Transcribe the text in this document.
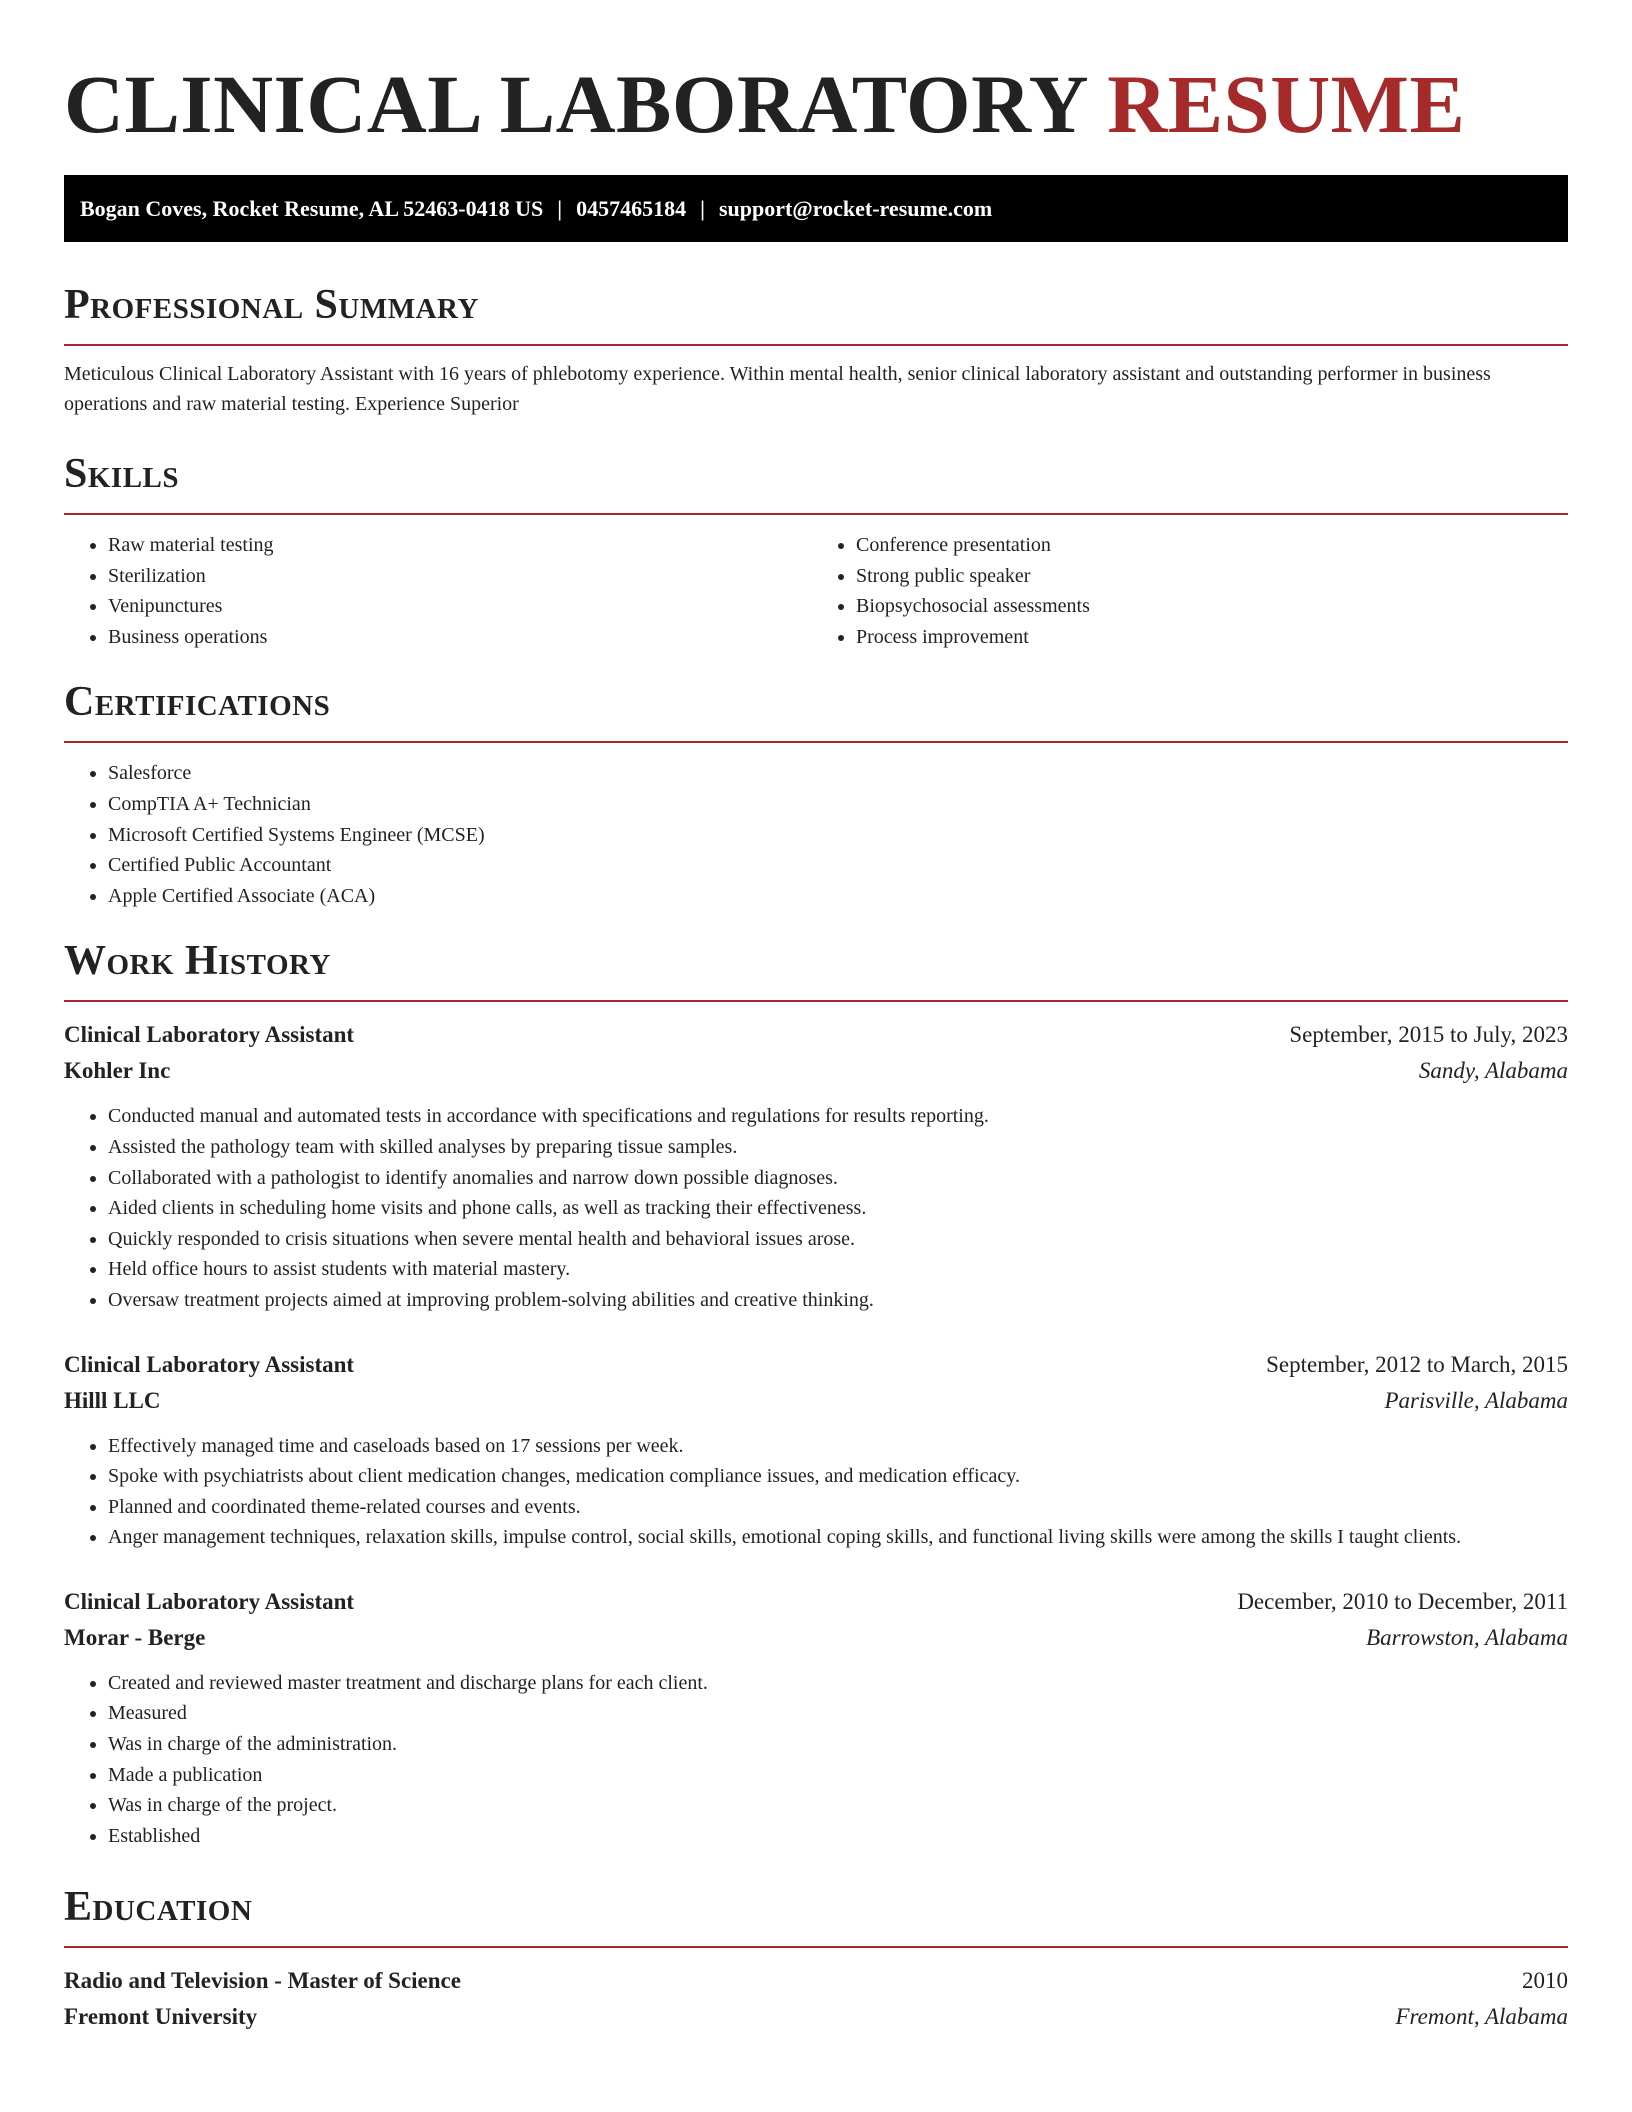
CLINICAL LABORATORY RESUME
Bogan Coves, Rocket Resume, AL 52463-0418 US | 0457465184 | support@rocket-resume.com
Professional Summary

Meticulous Clinical Laboratory Assistant with 16 years of phlebotomy experience. Within mental health, senior clinical laboratory assistant and outstanding performer in business operations and raw material testing. Experience Superior

Skills
• Raw material testing
• Sterilization
• Venipunctures
• Business operations
• Conference presentation
• Strong public speaker
• Biopsychosocial assessments
• Process improvement
Certifications
• Salesforce
• CompTIA A+ Technician
• Microsoft Certified Systems Engineer (MCSE)
• Certified Public Accountant
• Apple Certified Associate (ACA)
Work History
Clinical Laboratory Assistant	September, 2015 to July, 2023
Kohler Inc	Sandy, Alabama
• Conducted manual and automated tests in accordance with specifications and regulations for results reporting.
• Assisted the pathology team with skilled analyses by preparing tissue samples.
• Collaborated with a pathologist to identify anomalies and narrow down possible diagnoses.
• Aided clients in scheduling home visits and phone calls, as well as tracking their effectiveness.
• Quickly responded to crisis situations when severe mental health and behavioral issues arose.
• Held office hours to assist students with material mastery.
• Oversaw treatment projects aimed at improving problem-solving abilities and creative thinking.
Clinical Laboratory Assistant	September, 2012 to March, 2015
Hilll LLC	Parisville, Alabama
• Effectively managed time and caseloads based on 17 sessions per week.
• Spoke with psychiatrists about client medication changes, medication compliance issues, and medication efficacy.
• Planned and coordinated theme-related courses and events.
• Anger management techniques, relaxation skills, impulse control, social skills, emotional coping skills, and functional living skills were among the skills I taught clients.
Clinical Laboratory Assistant	December, 2010 to December, 2011
Morar - Berge	Barrowston, Alabama
• Created and reviewed master treatment and discharge plans for each client.
• Measured
• Was in charge of the administration.
• Made a publication
• Was in charge of the project.
• Established
Education
Radio and Television - Master of Science	2010
Fremont University	Fremont, Alabama
